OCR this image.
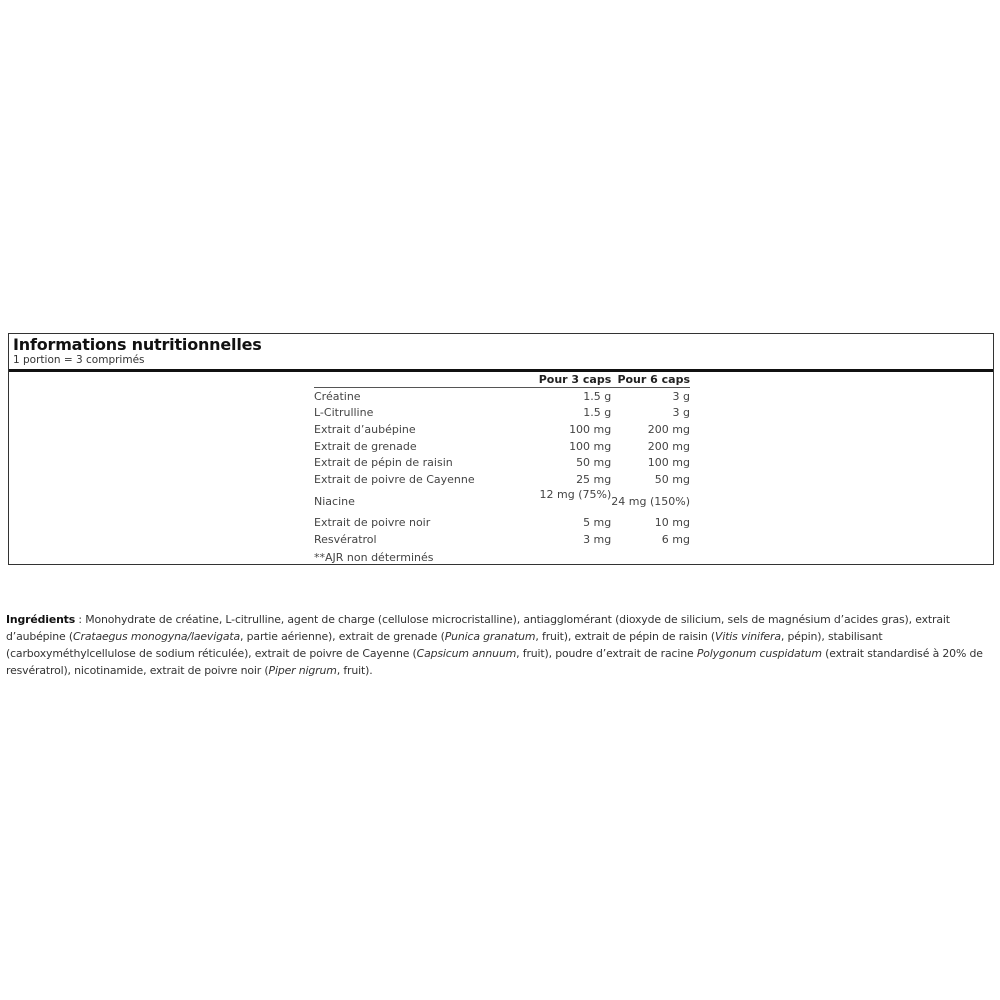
Informations nutritionnelles
1 portion = 3 comprimés
	Pour 3 caps	Pour 6 caps
Créatine	1.5 g	3 g
L-Citrulline	1.5 g	3 g
Extrait d’aubépine	100 mg	200 mg
Extrait de grenade	100 mg	200 mg
Extrait de pépin de raisin	50 mg	100 mg
Extrait de poivre de Cayenne	25 mg	50 mg
Niacine	12 mg (75%)	24 mg (150%)
Extrait de poivre noir	5 mg	10 mg
Resvératrol	3 mg	6 mg
**AJR non déterminés

Ingrédients : Monohydrate de créatine, L-citrulline, agent de charge (cellulose microcristalline), antiagglomérant (dioxyde de silicium, sels de magnésium d’acides gras), extrait d’aubépine (Crataegus monogyna/laevigata, partie aérienne), extrait de grenade (Punica granatum, fruit), extrait de pépin de raisin (Vitis vinifera, pépin), stabilisant (carboxyméthylcellulose de sodium réticulée), extrait de poivre de Cayenne (Capsicum annuum, fruit), poudre d’extrait de racine Polygonum cuspidatum (extrait standardisé à 20% de resvératrol), nicotinamide, extrait de poivre noir (Piper nigrum, fruit).
